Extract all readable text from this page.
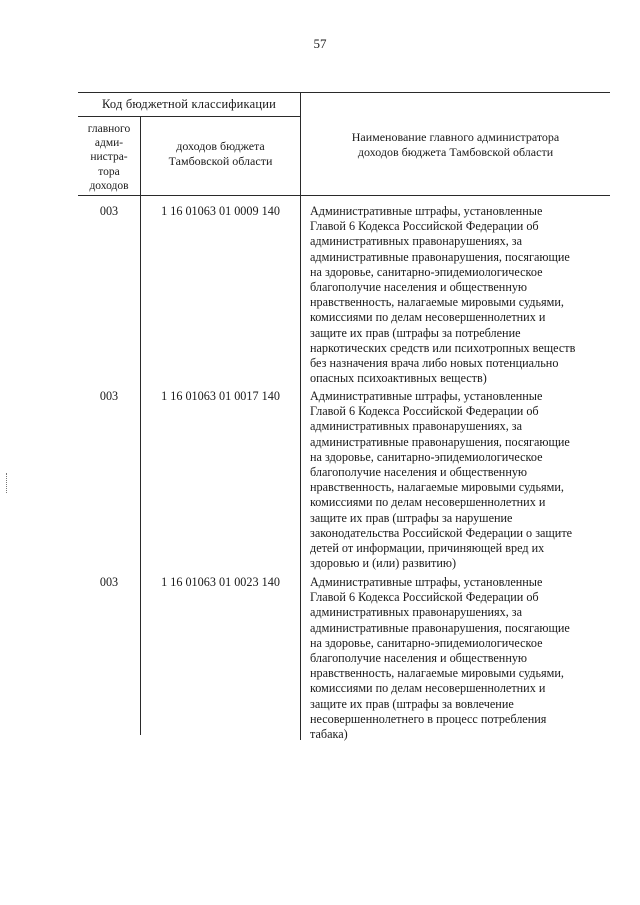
57
Код бюджетной классификации
главного
адми-
нистра-
тора
доходов
доходов бюджета
Тамбовской области
Наименование главного администратора
доходов бюджета Тамбовской области
003	1 16 01063 01 0009 140	Административные штрафы, установленные
Главой 6 Кодекса Российской Федерации об
административных правонарушениях, за
административные правонарушения, посягающие
на здоровье, санитарно-эпидемиологическое
благополучие населения и общественную
нравственность, налагаемые мировыми судьями,
комиссиями по делам несовершеннолетних и
защите их прав (штрафы за потребление
наркотических средств или психотропных веществ
без назначения врача либо новых потенциально
опасных психоактивных веществ)
003	1 16 01063 01 0017 140	Административные штрафы, установленные
Главой 6 Кодекса Российской Федерации об
административных правонарушениях, за
административные правонарушения, посягающие
на здоровье, санитарно-эпидемиологическое
благополучие населения и общественную
нравственность, налагаемые мировыми судьями,
комиссиями по делам несовершеннолетних и
защите их прав (штрафы за нарушение
законодательства Российской Федерации о защите
детей от информации, причиняющей вред их
здоровью и (или) развитию)
003	1 16 01063 01 0023 140	Административные штрафы, установленные
Главой 6 Кодекса Российской Федерации об
административных правонарушениях, за
административные правонарушения, посягающие
на здоровье, санитарно-эпидемиологическое
благополучие населения и общественную
нравственность, налагаемые мировыми судьями,
комиссиями по делам несовершеннолетних и
защите их прав (штрафы за вовлечение
несовершеннолетнего в процесс потребления
табака)
